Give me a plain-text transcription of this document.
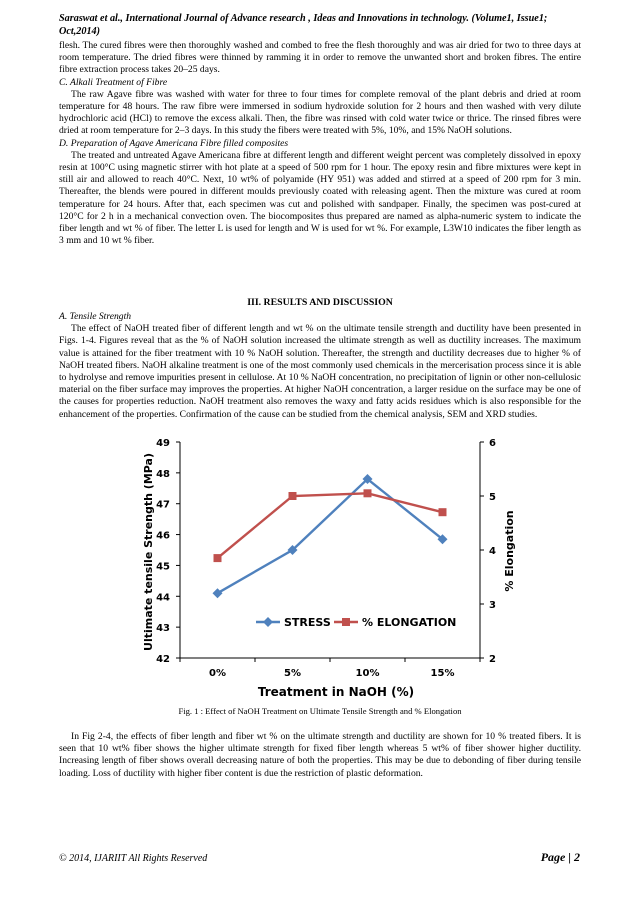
Saraswat et al., International Journal of Advance research , Ideas and Innovations in technology. (Volume1, Issue1; Oct,2014)

flesh. The cured fibres were then thoroughly washed and combed to free the flesh thoroughly and was air dried for two to three days at room temperature. The dried fibres were thinned by ramming it in order to remove the unwanted short and broken fibres. The entire fibre extraction process takes 20–25 days.

C. Alkali Treatment of Fibre

The raw Agave fibre was washed with water for three to four times for complete removal of the plant debris and dried at room temperature for 48 hours. The raw fibre were immersed in sodium hydroxide solution for 2 hours and then washed with very dilute hydrochloric acid (HCl) to remove the excess alkali. Then, the fibre was rinsed with cold water twice or thrice. The rinsed fibres were dried at room temperature for 2–3 days. In this study the fibers were treated with 5%, 10%, and 15% NaOH solutions.

D. Preparation of Agave Americana Fibre filled composites

The treated and untreated Agave Americana fibre at different length and different weight percent was completely dissolved in epoxy resin at 100°C using magnetic stirrer with hot plate at a speed of 500 rpm for 1 hour. The epoxy resin and fibre mixtures were kept in still air and allowed to reach 40°C. Next, 10 wt% of polyamide (HY 951) was added and stirred at a speed of 200 rpm for 3 min. Thereafter, the blends were poured in different moulds previously coated with releasing agent. Then the mixture was cured at room temperature for 24 hours. After that, each specimen was cut and polished with sandpaper. Finally, the specimen was post-cured at 120°C for 2 h in a mechanical convection oven. The biocomposites thus prepared are named as alpha-numeric system to indicate the fiber length and wt % of fiber. The letter L is used for length and W is used for wt %. For example, L3W10 indicates the fiber length as 3 mm and 10 wt % fiber.

III. RESULTS AND DISCUSSION

A. Tensile Strength

The effect of NaOH treated fiber of different length and wt % on the ultimate tensile strength and ductility have been presented in Figs. 1-4. Figures reveal that as the % of NaOH solution increased the ultimate strength as well as ductility increases. The maximum value is attained for the fiber treatment with 10 % NaOH solution. Thereafter, the strength and ductility decreases due to higher % of NaOH treated fibers. NaOH alkaline treatment is one of the most commonly used chemicals in the mercerisation process since it is able to hydrolyse and remove impurities present in cellulose. At 10 % NaOH concentration, no precipitation of lignin or other non-cellulosic material on the fiber surface may improves the properties. At higher NaOH concentration, a larger residue on the surface may be one of the causes for properties reduction. NaOH treatment also removes the waxy and fatty acids residues which is also responsible for the enhancement of the properties. Confirmation of the cause can be studied from the chemical analysis, SEM and XRD studies.

42
43
44
45
46
47
48
49
2
3
4
5
6
0%	5%	10%	15%
STRESS	% ELONGATION
Ultimate tensile Strength (MPa)	% Elongation
Treatment in NaOH (%)
Fig. 1 : Effect of NaOH Treatment on Ultimate Tensile Strength and % Elongation

In Fig 2-4, the effects of fiber length and fiber wt % on the ultimate strength and ductility are shown for 10 % treated fibers. It is seen that 10 wt% fiber shows the higher ultimate strength for fixed fiber length whereas 5 wt% of fiber shower higher ductility. Increasing length of fiber shows overall decreasing nature of both the properties. This may be due to debonding of fiber during tensile loading. Loss of ductility with higher fiber content is due the restriction of plastic deformation.

© 2014, IJARIIT All Rights Reserved	Page | 2
